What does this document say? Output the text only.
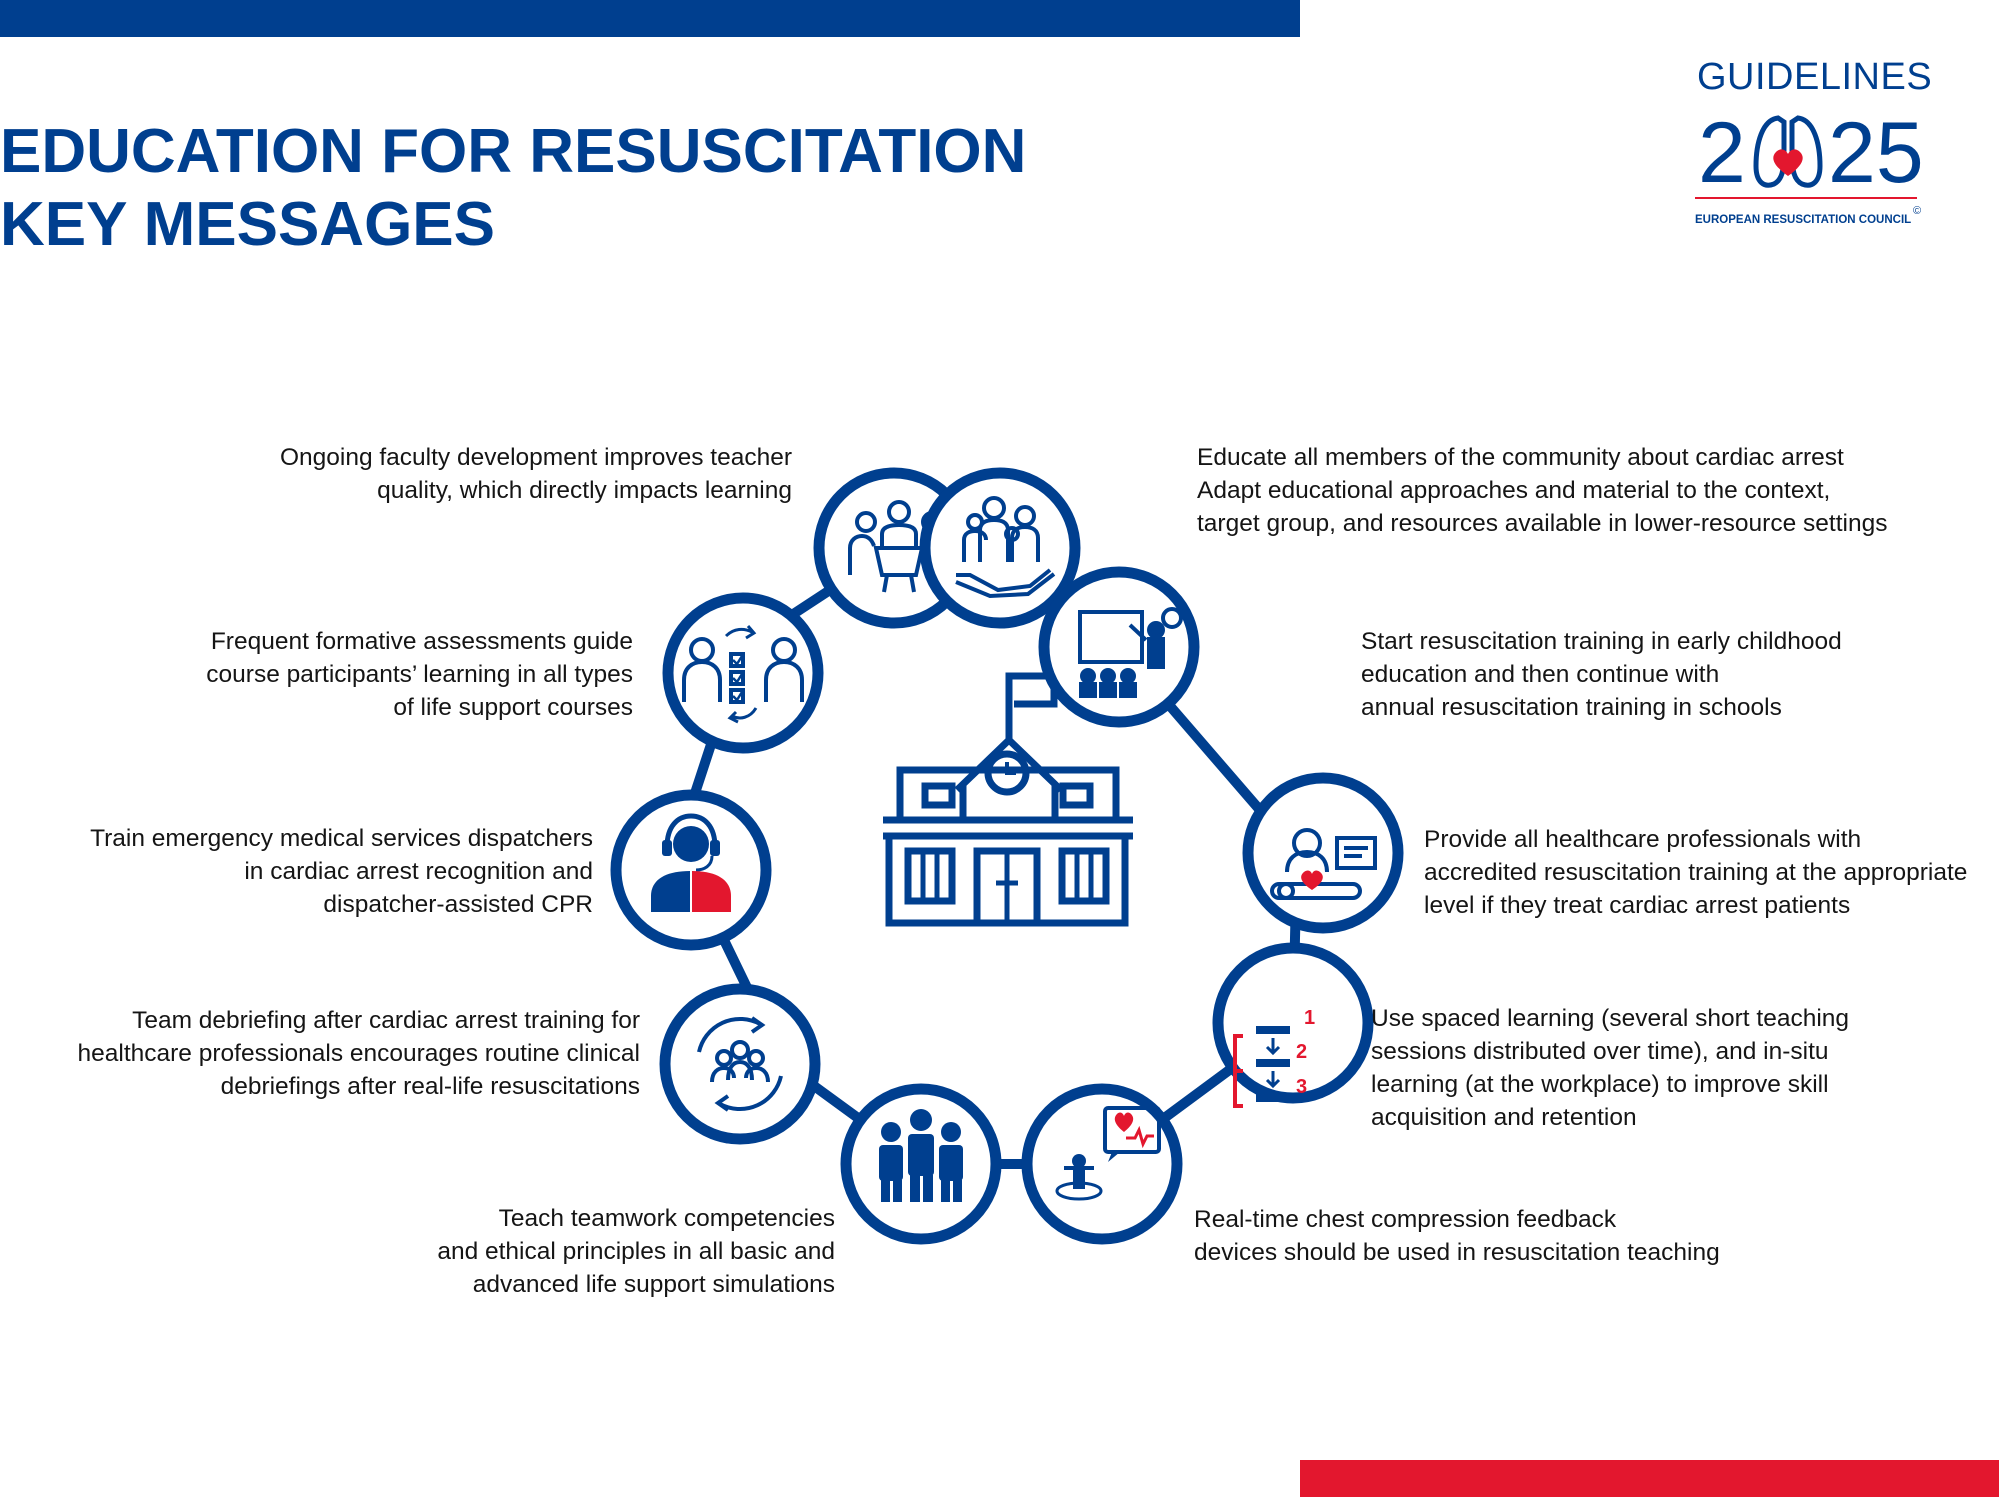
EDUCATION FOR RESUSCITATION
KEY MESSAGES
GUIDELINES
2 25
EUROPEAN RESUSCITATION COUNCIL
©
1
2
3

Ongoing faculty development improves teacher
quality, which directly impacts learning

Educate all members of the community about cardiac arrest
Adapt educational approaches and material to the context,
target group, and resources available in lower-resource settings

Start resuscitation training in early childhood
education and then continue with
annual resuscitation training in schools

Provide all healthcare professionals with
accredited resuscitation training at the appropriate
level if they treat cardiac arrest patients

Use spaced learning (several short teaching
sessions distributed over time), and in-situ
learning (at the workplace) to improve skill
acquisition and retention

Real-time chest compression feedback
devices should be used in resuscitation teaching

Teach teamwork competencies
and ethical principles in all basic and
advanced life support simulations

Team debriefing after cardiac arrest training for
healthcare professionals encourages routine clinical
debriefings after real-life resuscitations

Train emergency medical services dispatchers
in cardiac arrest recognition and
dispatcher-assisted CPR

Frequent formative assessments guide
course participants’ learning in all types
of life support courses
